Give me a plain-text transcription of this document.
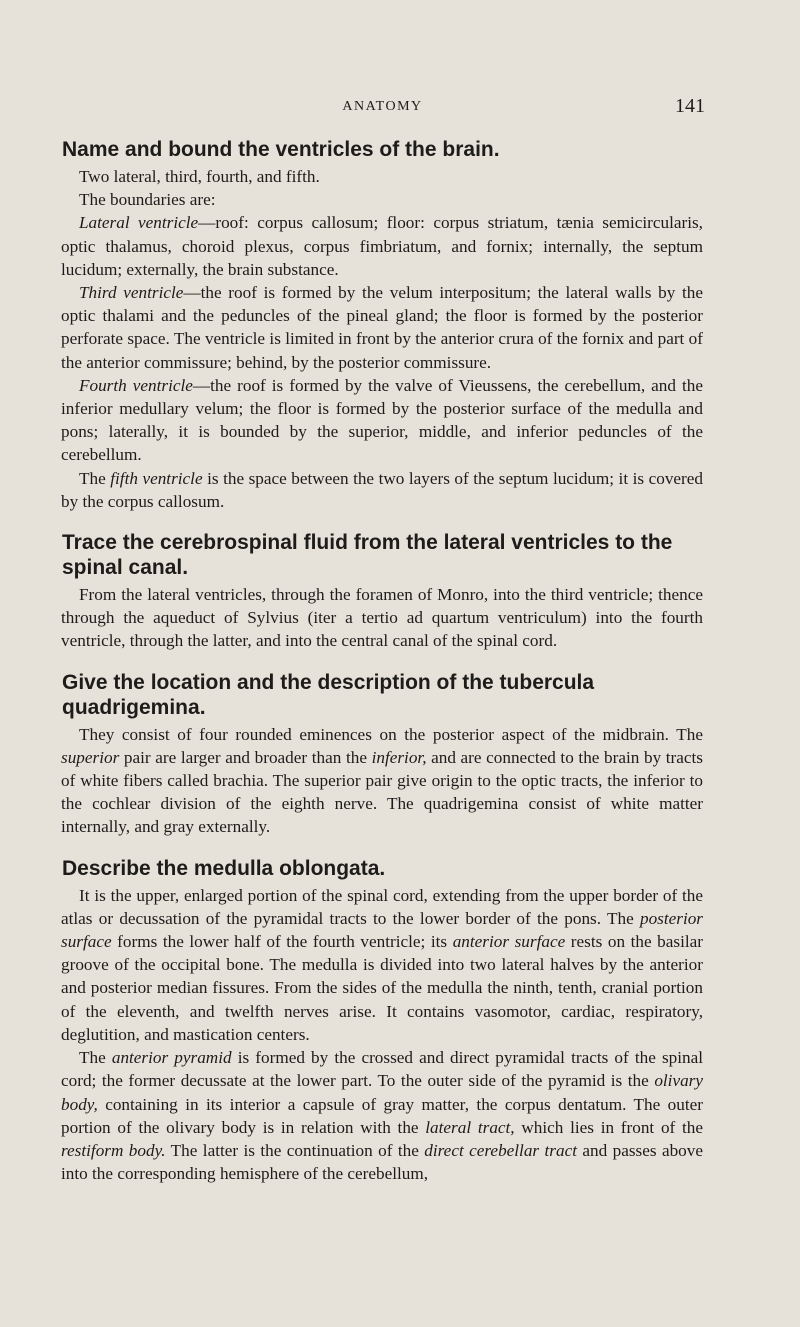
ANATOMY	141
Name and bound the ventricles of the brain.

Two lateral, third, fourth, and fifth.

The boundaries are:

Lateral ventricle—roof: corpus callosum; floor: corpus striatum, tænia semicircularis, optic thalamus, choroid plexus, corpus fimbriatum, and fornix; internally, the septum lucidum; externally, the brain substance.

Third ventricle—the roof is formed by the velum interpositum; the lateral walls by the optic thalami and the peduncles of the pineal gland; the floor is formed by the posterior perforate space. The ventricle is limited in front by the anterior crura of the fornix and part of the anterior commissure; behind, by the posterior commissure.

Fourth ventricle—the roof is formed by the valve of Vieussens, the cerebellum, and the inferior medullary velum; the floor is formed by the posterior surface of the medulla and pons; laterally, it is bounded by the superior, middle, and inferior peduncles of the cerebellum.

The fifth ventricle is the space between the two layers of the septum lucidum; it is covered by the corpus callosum.

Trace the cerebrospinal fluid from the lateral ventricles to the spinal canal.

From the lateral ventricles, through the foramen of Monro, into the third ventricle; thence through the aqueduct of Sylvius (iter a tertio ad quartum ventriculum) into the fourth ventricle, through the latter, and into the central canal of the spinal cord.

Give the location and the description of the tubercula quadrigemina.

They consist of four rounded eminences on the posterior aspect of the midbrain. The superior pair are larger and broader than the inferior, and are connected to the brain by tracts of white fibers called brachia. The superior pair give origin to the optic tracts, the inferior to the cochlear division of the eighth nerve. The quadrigemina consist of white matter internally, and gray externally.

Describe the medulla oblongata.

It is the upper, enlarged portion of the spinal cord, extending from the upper border of the atlas or decussation of the pyramidal tracts to the lower border of the pons. The posterior surface forms the lower half of the fourth ventricle; its anterior surface rests on the basilar groove of the occipital bone. The medulla is divided into two lateral halves by the anterior and posterior median fissures. From the sides of the medulla the ninth, tenth, cranial portion of the eleventh, and twelfth nerves arise. It contains vasomotor, cardiac, respiratory, deglutition, and mastication centers.

The anterior pyramid is formed by the crossed and direct pyramidal tracts of the spinal cord; the former decussate at the lower part. To the outer side of the pyramid is the olivary body, containing in its interior a capsule of gray matter, the corpus dentatum. The outer portion of the olivary body is in relation with the lateral tract, which lies in front of the restiform body. The latter is the continuation of the direct cerebellar tract and passes above into the corresponding hemisphere of the cerebellum,
